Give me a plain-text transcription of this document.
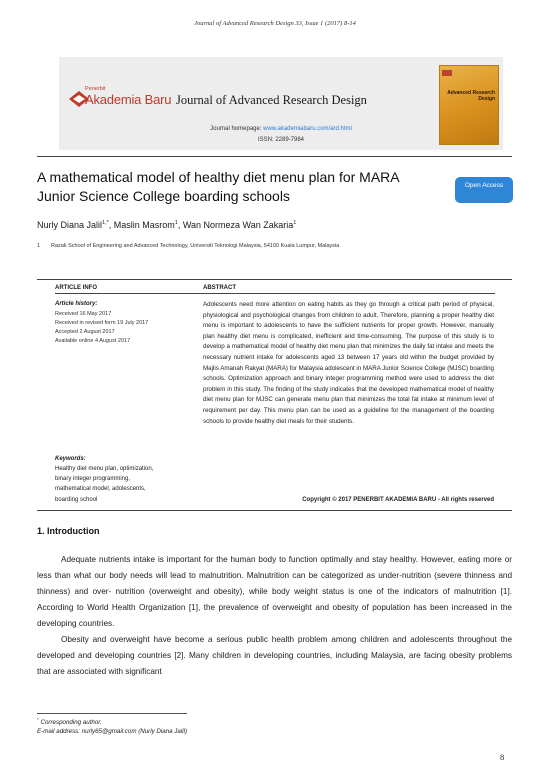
Journal of Advanced Research Design 33, Issue 1 (2017) 8-14
Penerbit
Akademia Baru Journal of Advanced Research Design
Journal homepage: www.akademiabaru.com/ard.html
ISSN: 2289-7984
Advanced Research Design
A mathematical model of healthy diet menu plan for MARA Junior Science College boarding schools
Open Access
Nurly Diana Jalil$^{1,*}$, Maslin Masrom$^1$, Wan Normeza Wan Zakaria$^1$
1 Razak School of Engineering and Advanced Technology, Universiti Teknologi Malaysia, 54100 Kuala Lumpur, Malaysia
ARTICLE INFO	ABSTRACT
Article history:
Received 16 May 2017
Received in revised form 19 July 2017
Accepted 2 August 2017
Available online 4 August 2017
Adolescents need more attention on eating habits as they go through a critical path period of physical, physiological and psychological changes from children to adult. Therefore, planning a proper healthy diet menu is important to adolescents to have the sufficient nutrients for proper growth. However, manually plan healthy diet menu is complicated, inefficient and time-consuming. The purpose of this study is to develop a mathematical model of healthy diet menu plan that minimizes the daily fat intake and meets the necessary nutrient intake for adolescents aged 13 between 17 years old within the budget provided by Majlis Amanah Rakyat (MARA) for Malaysia adolescent in MARA Junior Science College (MJSC) boarding schools. Optimization approach and binary integer programming method were used to address the diet problem in this study. The finding of the study indicates that the developed mathematical model of healthy diet menu plan for MJSC can generate menu plan that minimizes the total fat intake at minimum level of requirement per day. This menu plan can be used as a guideline for the management of the boarding schools to provide healthy diet meals for their students.
Keywords:
Healthy diet menu plan, optimization,
binary integer programming,
mathematical model, adolescents,
boarding school	Copyright © 2017 PENERBIT AKADEMIA BARU - All rights reserved
1. Introduction

Adequate nutrients intake is important for the human body to function optimally and stay healthy. However, eating more or less than what our body needs will lead to malnutrition. Malnutrition can be categorized as under-nutrition (severe thinness and thinness) and over- nutrition (overweight and obesity), while body weight status is one of the indicators of malnutrition [1]. According to World Health Organization [1], the prevalence of overweight and obesity of population has been increased in the developing countries.

Obesity and overweight have become a serious public health problem among children and adolescents throughout the developed and developing countries [2]. Many children in developing countries, including Malaysia, are facing obesity problems that are associated with significant

* Corresponding author.
E-mail address: nurly65@gmail.com (Nurly Diana Jalil)
8
